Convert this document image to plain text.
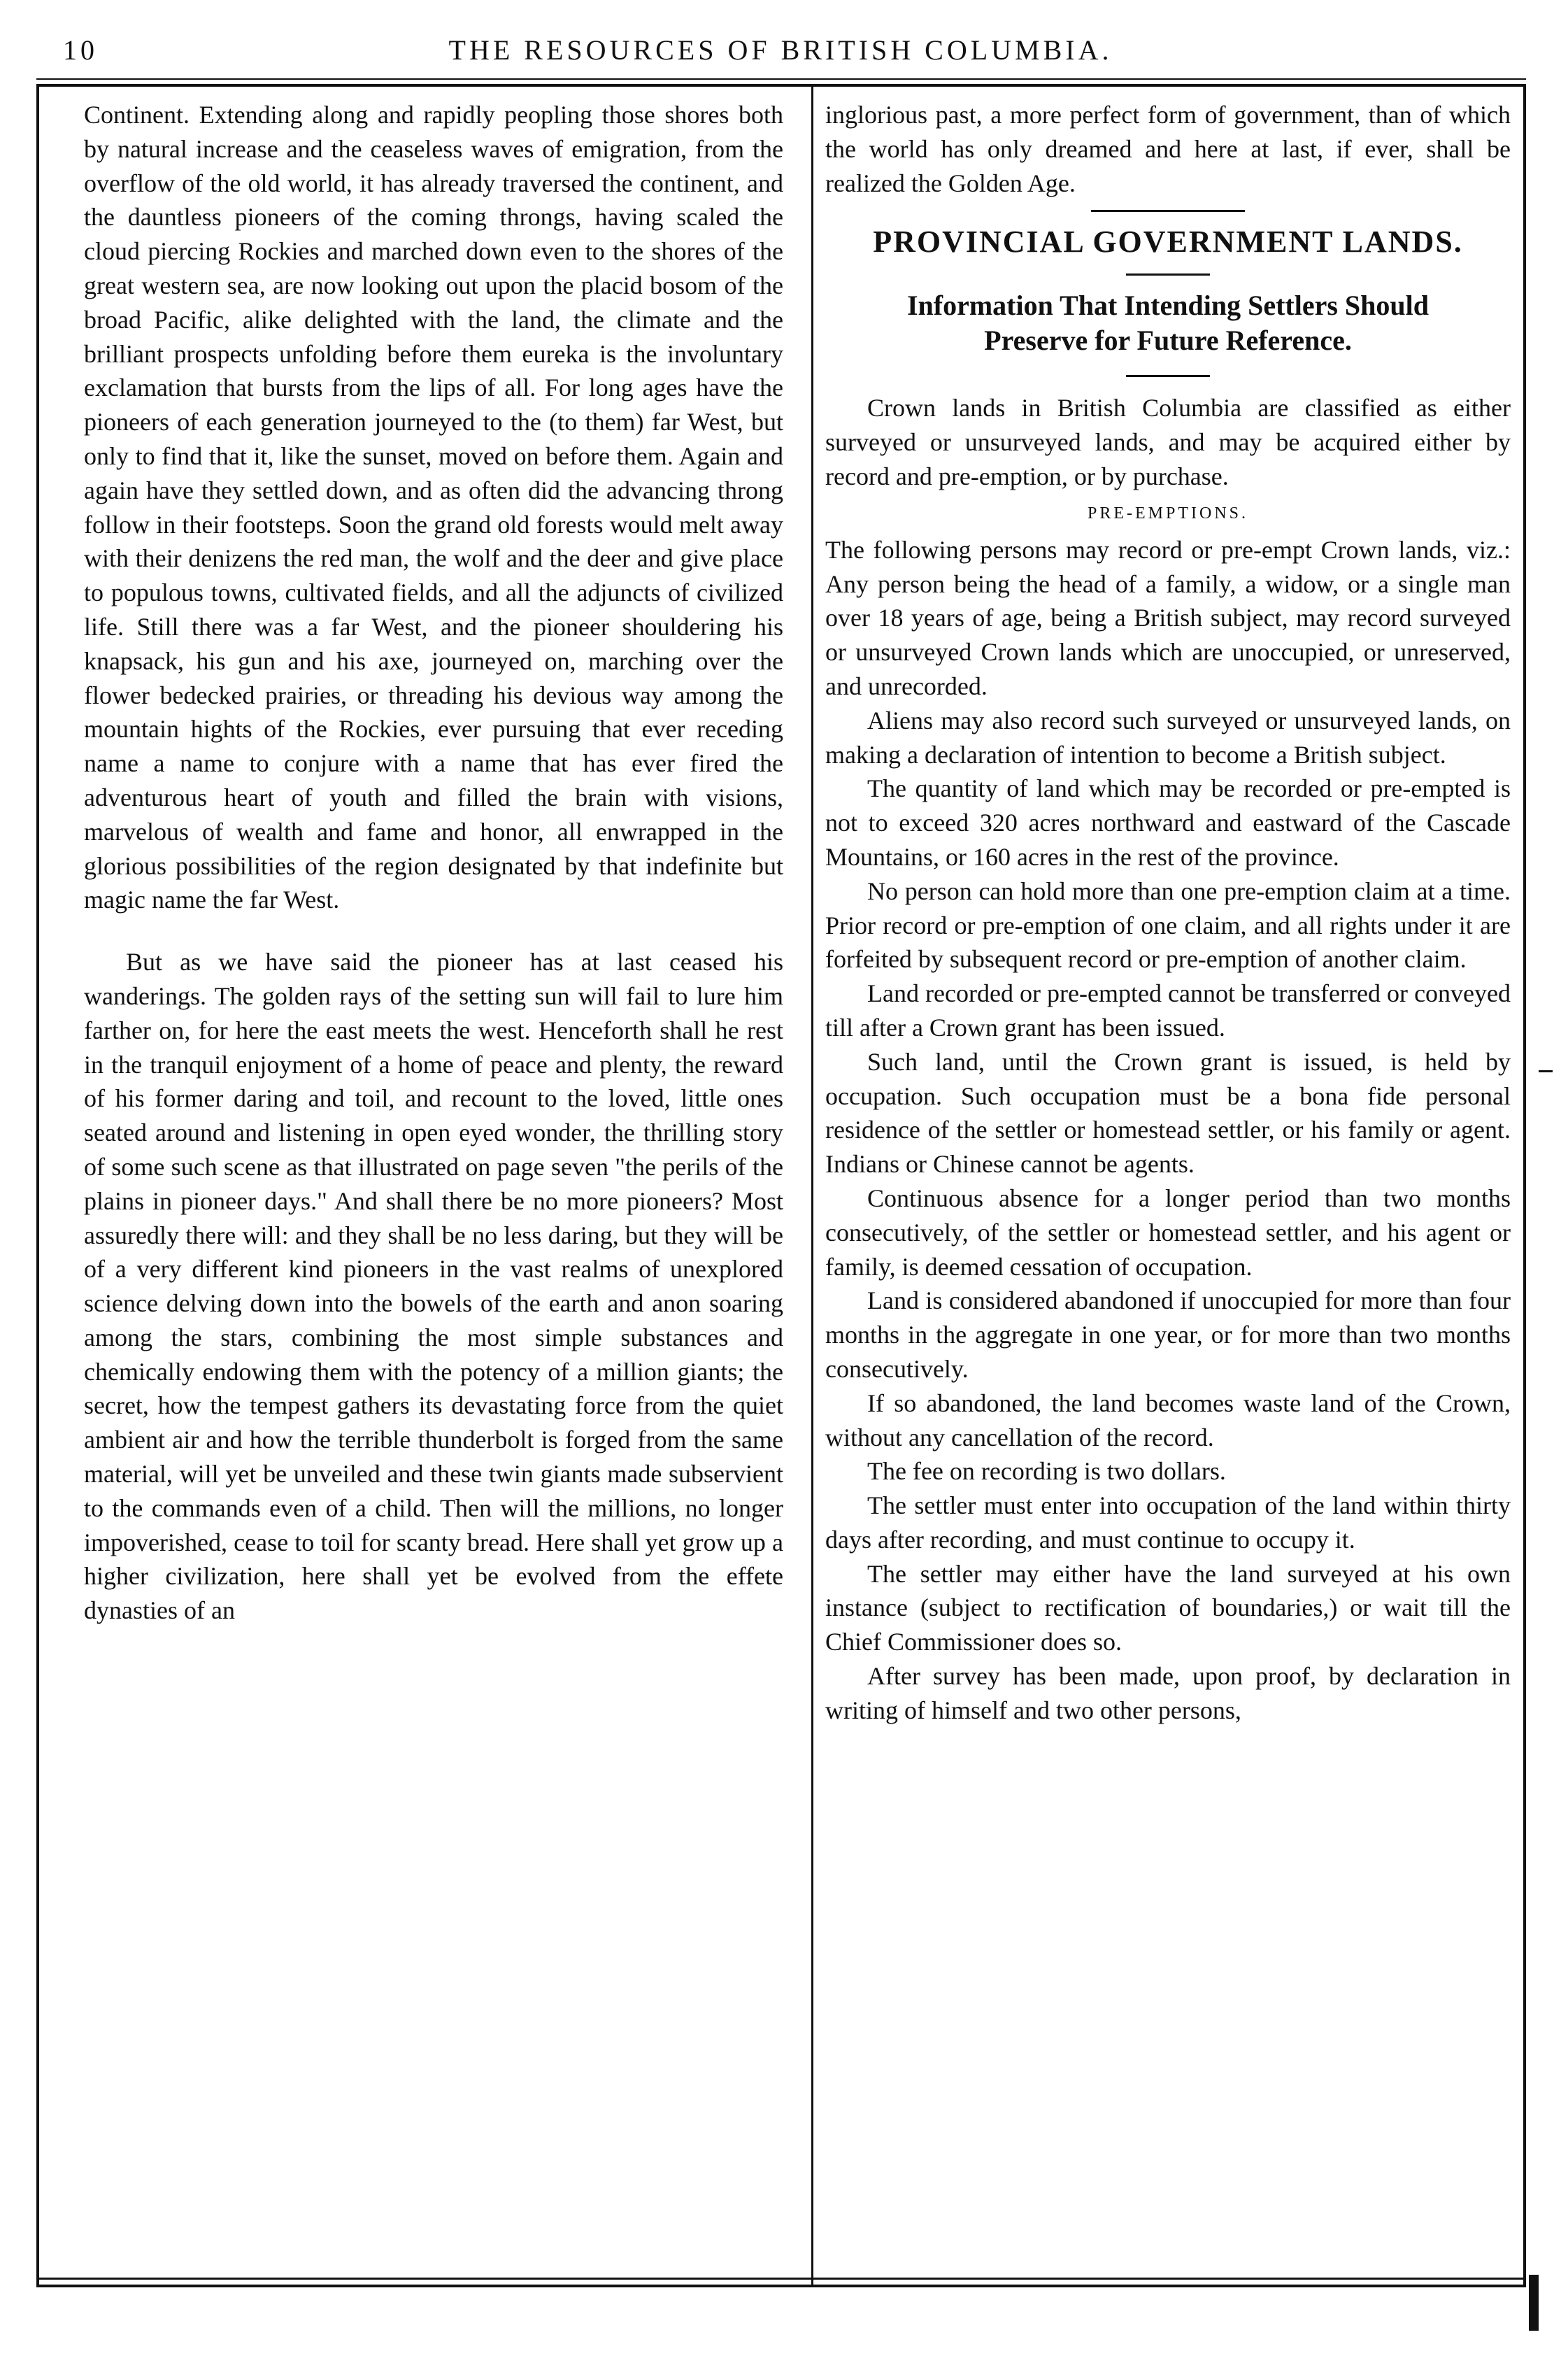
10	THE RESOURCES OF BRITISH COLUMBIA.

Continent. Extending along and rapidly peopling those shores both by natural increase and the ceaseless waves of emigration, from the overflow of the old world, it has already traversed the continent, and the dauntless pioneers of the coming throngs, having scaled the cloud piercing Rockies and marched down even to the shores of the great western sea, are now looking out upon the placid bosom of the broad Pacific, alike delighted with the land, the climate and the brilliant prospects unfolding before them eureka is the involuntary exclamation that bursts from the lips of all. For long ages have the pioneers of each generation journeyed to the (to them) far West, but only to find that it, like the sunset, moved on before them. Again and again have they settled down, and as often did the advancing throng follow in their footsteps. Soon the grand old forests would melt away with their denizens the red man, the wolf and the deer and give place to populous towns, cultivated fields, and all the adjuncts of civilized life. Still there was a far West, and the pioneer shouldering his knapsack, his gun and his axe, journeyed on, marching over the flower bedecked prairies, or threading his devious way among the mountain hights of the Rockies, ever pursuing that ever receding name a name to conjure with a name that has ever fired the adventurous heart of youth and filled the brain with visions, marvelous of wealth and fame and honor, all enwrapped in the glorious possibilities of the region designated by that indefinite but magic name the far West.

But as we have said the pioneer has at last ceased his wanderings. The golden rays of the setting sun will fail to lure him farther on, for here the east meets the west. Henceforth shall he rest in the tranquil enjoyment of a home of peace and plenty, the reward of his former daring and toil, and recount to the loved, little ones seated around and listening in open eyed wonder, the thrilling story of some such scene as that illustrated on page seven "the perils of the plains in pioneer days." And shall there be no more pioneers? Most assuredly there will: and they shall be no less daring, but they will be of a very different kind pioneers in the vast realms of unexplored science delving down into the bowels of the earth and anon soaring among the stars, combining the most simple substances and chemically endowing them with the potency of a million giants; the secret, how the tempest gathers its devastating force from the quiet ambient air and how the terrible thunderbolt is forged from the same material, will yet be unveiled and these twin giants made subservient to the commands even of a child. Then will the millions, no longer impoverished, cease to toil for scanty bread. Here shall yet grow up a higher civilization, here shall yet be evolved from the effete dynasties of an

inglorious past, a more perfect form of government, than of which the world has only dreamed and here at last, if ever, shall be realized the Golden Age.

PROVINCIAL GOVERNMENT LANDS.
Information That Intending Settlers Should Preserve for Future Reference.

Crown lands in British Columbia are classified as either surveyed or unsurveyed lands, and may be acquired either by record and pre-emption, or by purchase.

PRE-EMPTIONS.

The following persons may record or pre-empt Crown lands, viz.: Any person being the head of a family, a widow, or a single man over 18 years of age, being a British subject, may record surveyed or unsurveyed Crown lands which are unoccupied, or unreserved, and unrecorded.

Aliens may also record such surveyed or unsurveyed lands, on making a declaration of intention to become a British subject.

The quantity of land which may be recorded or pre-empted is not to exceed 320 acres northward and eastward of the Cascade Mountains, or 160 acres in the rest of the province.

No person can hold more than one pre-emption claim at a time. Prior record or pre-emption of one claim, and all rights under it are forfeited by subsequent record or pre-emption of another claim.

Land recorded or pre-empted cannot be transferred or conveyed till after a Crown grant has been issued.

Such land, until the Crown grant is issued, is held by occupation. Such occupation must be a bona fide personal residence of the settler or homestead settler, or his family or agent. Indians or Chinese cannot be agents.

Continuous absence for a longer period than two months consecutively, of the settler or homestead settler, and his agent or family, is deemed cessation of occupation.

Land is considered abandoned if unoccupied for more than four months in the aggregate in one year, or for more than two months consecutively.

If so abandoned, the land becomes waste land of the Crown, without any cancellation of the record.

The fee on recording is two dollars.

The settler must enter into occupation of the land within thirty days after recording, and must continue to occupy it.

The settler may either have the land surveyed at his own instance (subject to rectification of boundaries,) or wait till the Chief Commissioner does so.

After survey has been made, upon proof, by declaration in writing of himself and two other persons,
